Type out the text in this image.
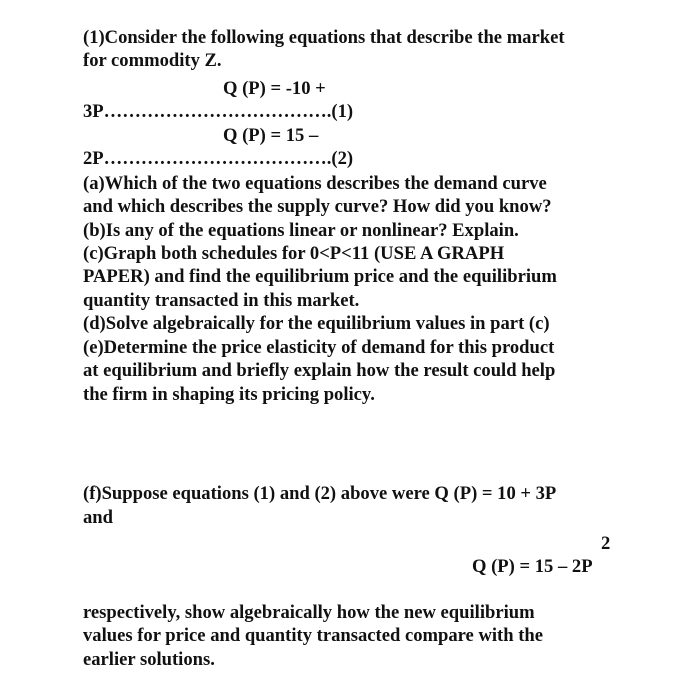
(1)Consider the following equations that describe the market
for commodity Z.
Q (P) = -10 +
3P……………………………….(1)
Q (P) = 15 –
2P……………………………….(2)
(a)Which of the two equations describes the demand curve
and which describes the supply curve? How did you know?
(b)Is any of the equations linear or nonlinear? Explain.
(c)Graph both schedules for 0<P<11 (USE A GRAPH
PAPER) and find the equilibrium price and the equilibrium
quantity transacted in this market.
(d)Solve algebraically for the equilibrium values in part (c)
(e)Determine the price elasticity of demand for this product
at equilibrium and briefly explain how the result could help
the firm in shaping its pricing policy.
(f)Suppose equations (1) and (2) above were Q (P) = 10 + 3P
and
2
Q (P) = 15 – 2P
respectively, show algebraically how the new equilibrium
values for price and quantity transacted compare with the
earlier solutions.
